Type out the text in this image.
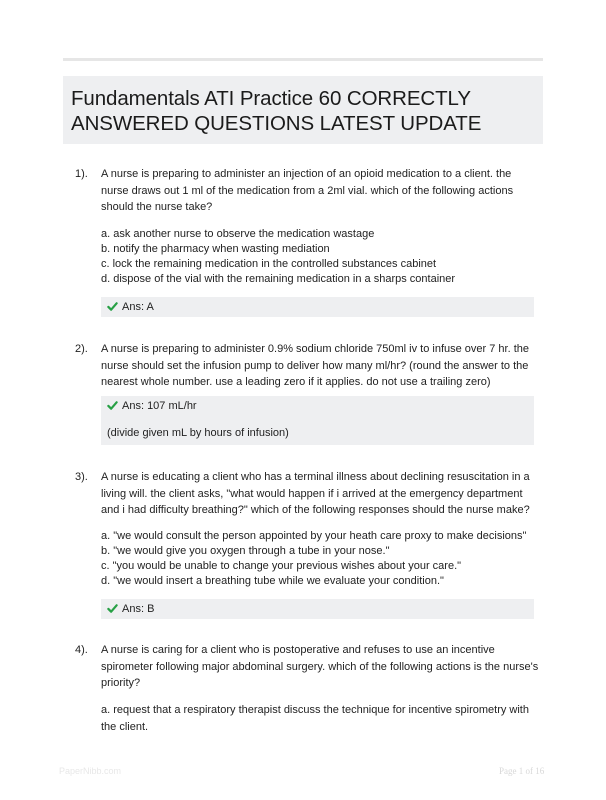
Fundamentals ATI Practice 60 CORRECTLY ANSWERED QUESTIONS LATEST UPDATE
1). A nurse is preparing to administer an injection of an opioid medication to a client. the nurse draws out 1 ml of the medication from a 2ml vial. which of the following actions should the nurse take?
a. ask another nurse to observe the medication wastage
b. notify the pharmacy when wasting mediation
c. lock the remaining medication in the controlled substances cabinet
d. dispose of the vial with the remaining medication in a sharps container
Ans: A
2). A nurse is preparing to administer 0.9% sodium chloride 750ml iv to infuse over 7 hr. the nurse should set the infusion pump to deliver how many ml/hr? (round the answer to the nearest whole number. use a leading zero if it applies. do not use a trailing zero)
Ans: 107 mL/hr
(divide given mL by hours of infusion)
3). A nurse is educating a client who has a terminal illness about declining resuscitation in a living will. the client asks, "what would happen if i arrived at the emergency department and i had difficulty breathing?" which of the following responses should the nurse make?
a. "we would consult the person appointed by your heath care proxy to make decisions"
b. "we would give you oxygen through a tube in your nose."
c. "you would be unable to change your previous wishes about your care."
d. "we would insert a breathing tube while we evaluate your condition."
Ans: B
4). A nurse is caring for a client who is postoperative and refuses to use an incentive spirometer following major abdominal surgery. which of the following actions is the nurse's priority?
a. request that a respiratory therapist discuss the technique for incentive spirometry with the client.
PaperNibb.com	Page 1 of 16
